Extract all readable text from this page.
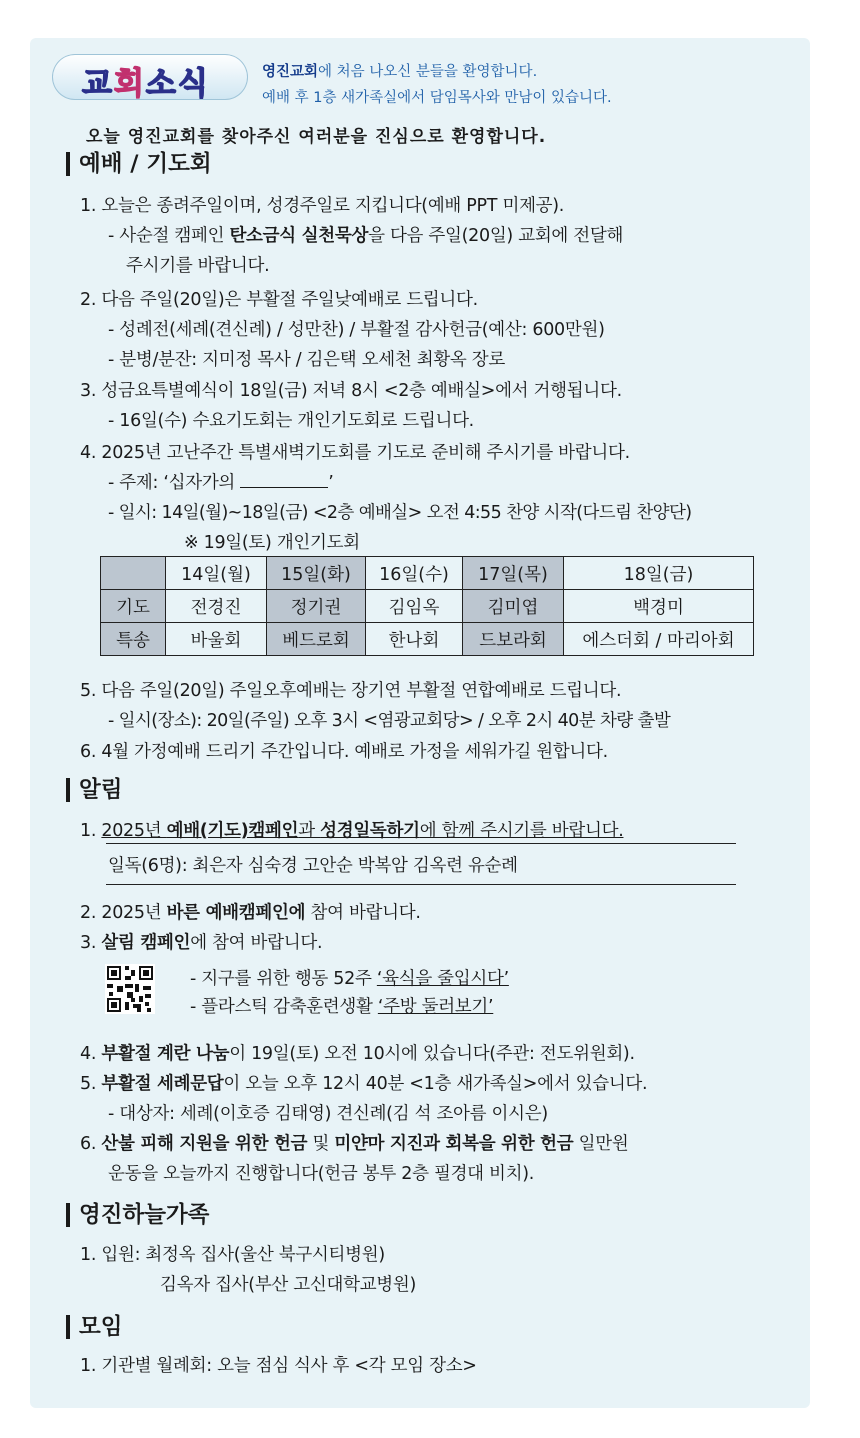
교회소식	영진교회에 처음 나오신 분들을 환영합니다.
예배 후 1층 새가족실에서 담임목사와 만남이 있습니다.
오늘 영진교회를 찾아주신 여러분을 진심으로 환영합니다.
예배 / 기도회
1. 오늘은 종려주일이며, 성경주일로 지킵니다(예배 PPT 미제공).
- 사순절 캠페인 탄소금식 실천묵상을 다음 주일(20일) 교회에 전달해
주시기를 바랍니다.
2. 다음 주일(20일)은 부활절 주일낮예배로 드립니다.
- 성례전(세례(견신례) / 성만찬) / 부활절 감사헌금(예산: 600만원)
- 분병/분잔: 지미정 목사 / 김은택 오세천 최황옥 장로
3. 성금요특별예식이 18일(금) 저녁 8시 <2층 예배실>에서 거행됩니다.
- 16일(수) 수요기도회는 개인기도회로 드립니다.
4. 2025년 고난주간 특별새벽기도회를 기도로 준비해 주시기를 바랍니다.
- 주제: ‘십자가의	’
- 일시: 14일(월)~18일(금) <2층 예배실> 오전 4:55 찬양 시작(다드림 찬양단)
※ 19일(토) 개인기도회
	14일(월)	15일(화)	16일(수)	17일(목)	18일(금)
기도	전경진	정기권	김임옥	김미엽	백경미
특송	바울회	베드로회	한나회	드보라회	에스더회 / 마리아회
5. 다음 주일(20일) 주일오후예배는 장기연 부활절 연합예배로 드립니다.
- 일시(장소): 20일(주일) 오후 3시 <염광교회당> / 오후 2시 40분 차량 출발
6. 4월 가정예배 드리기 주간입니다. 예배로 가정을 세워가길 원합니다.
알림
1. 2025년 예배(기도)캠페인과 성경일독하기에 함께 주시기를 바랍니다.
일독(6명): 최은자 심숙경 고안순 박복암 김옥련 유순례
2. 2025년 바른 예배캠페인에 참여 바랍니다.
3. 살림 캠페인에 참여 바랍니다.
- 지구를 위한 행동 52주 ‘육식을 줄입시다’
- 플라스틱 감축훈련생활 ‘주방 둘러보기’
4. 부활절 계란 나눔이 19일(토) 오전 10시에 있습니다(주관: 전도위원회).
5. 부활절 세례문답이 오늘 오후 12시 40분 <1층 새가족실>에서 있습니다.
- 대상자: 세례(이호증 김태영) 견신례(김 석 조아름 이시은)
6. 산불 피해 지원을 위한 헌금 및 미얀마 지진과 회복을 위한 헌금 일만원
운동을 오늘까지 진행합니다(헌금 봉투 2층 필경대 비치).
영진하늘가족
1. 입원: 최정옥 집사(울산 북구시티병원)
김옥자 집사(부산 고신대학교병원)
모임
1. 기관별 월례회: 오늘 점심 식사 후 <각 모임 장소>
